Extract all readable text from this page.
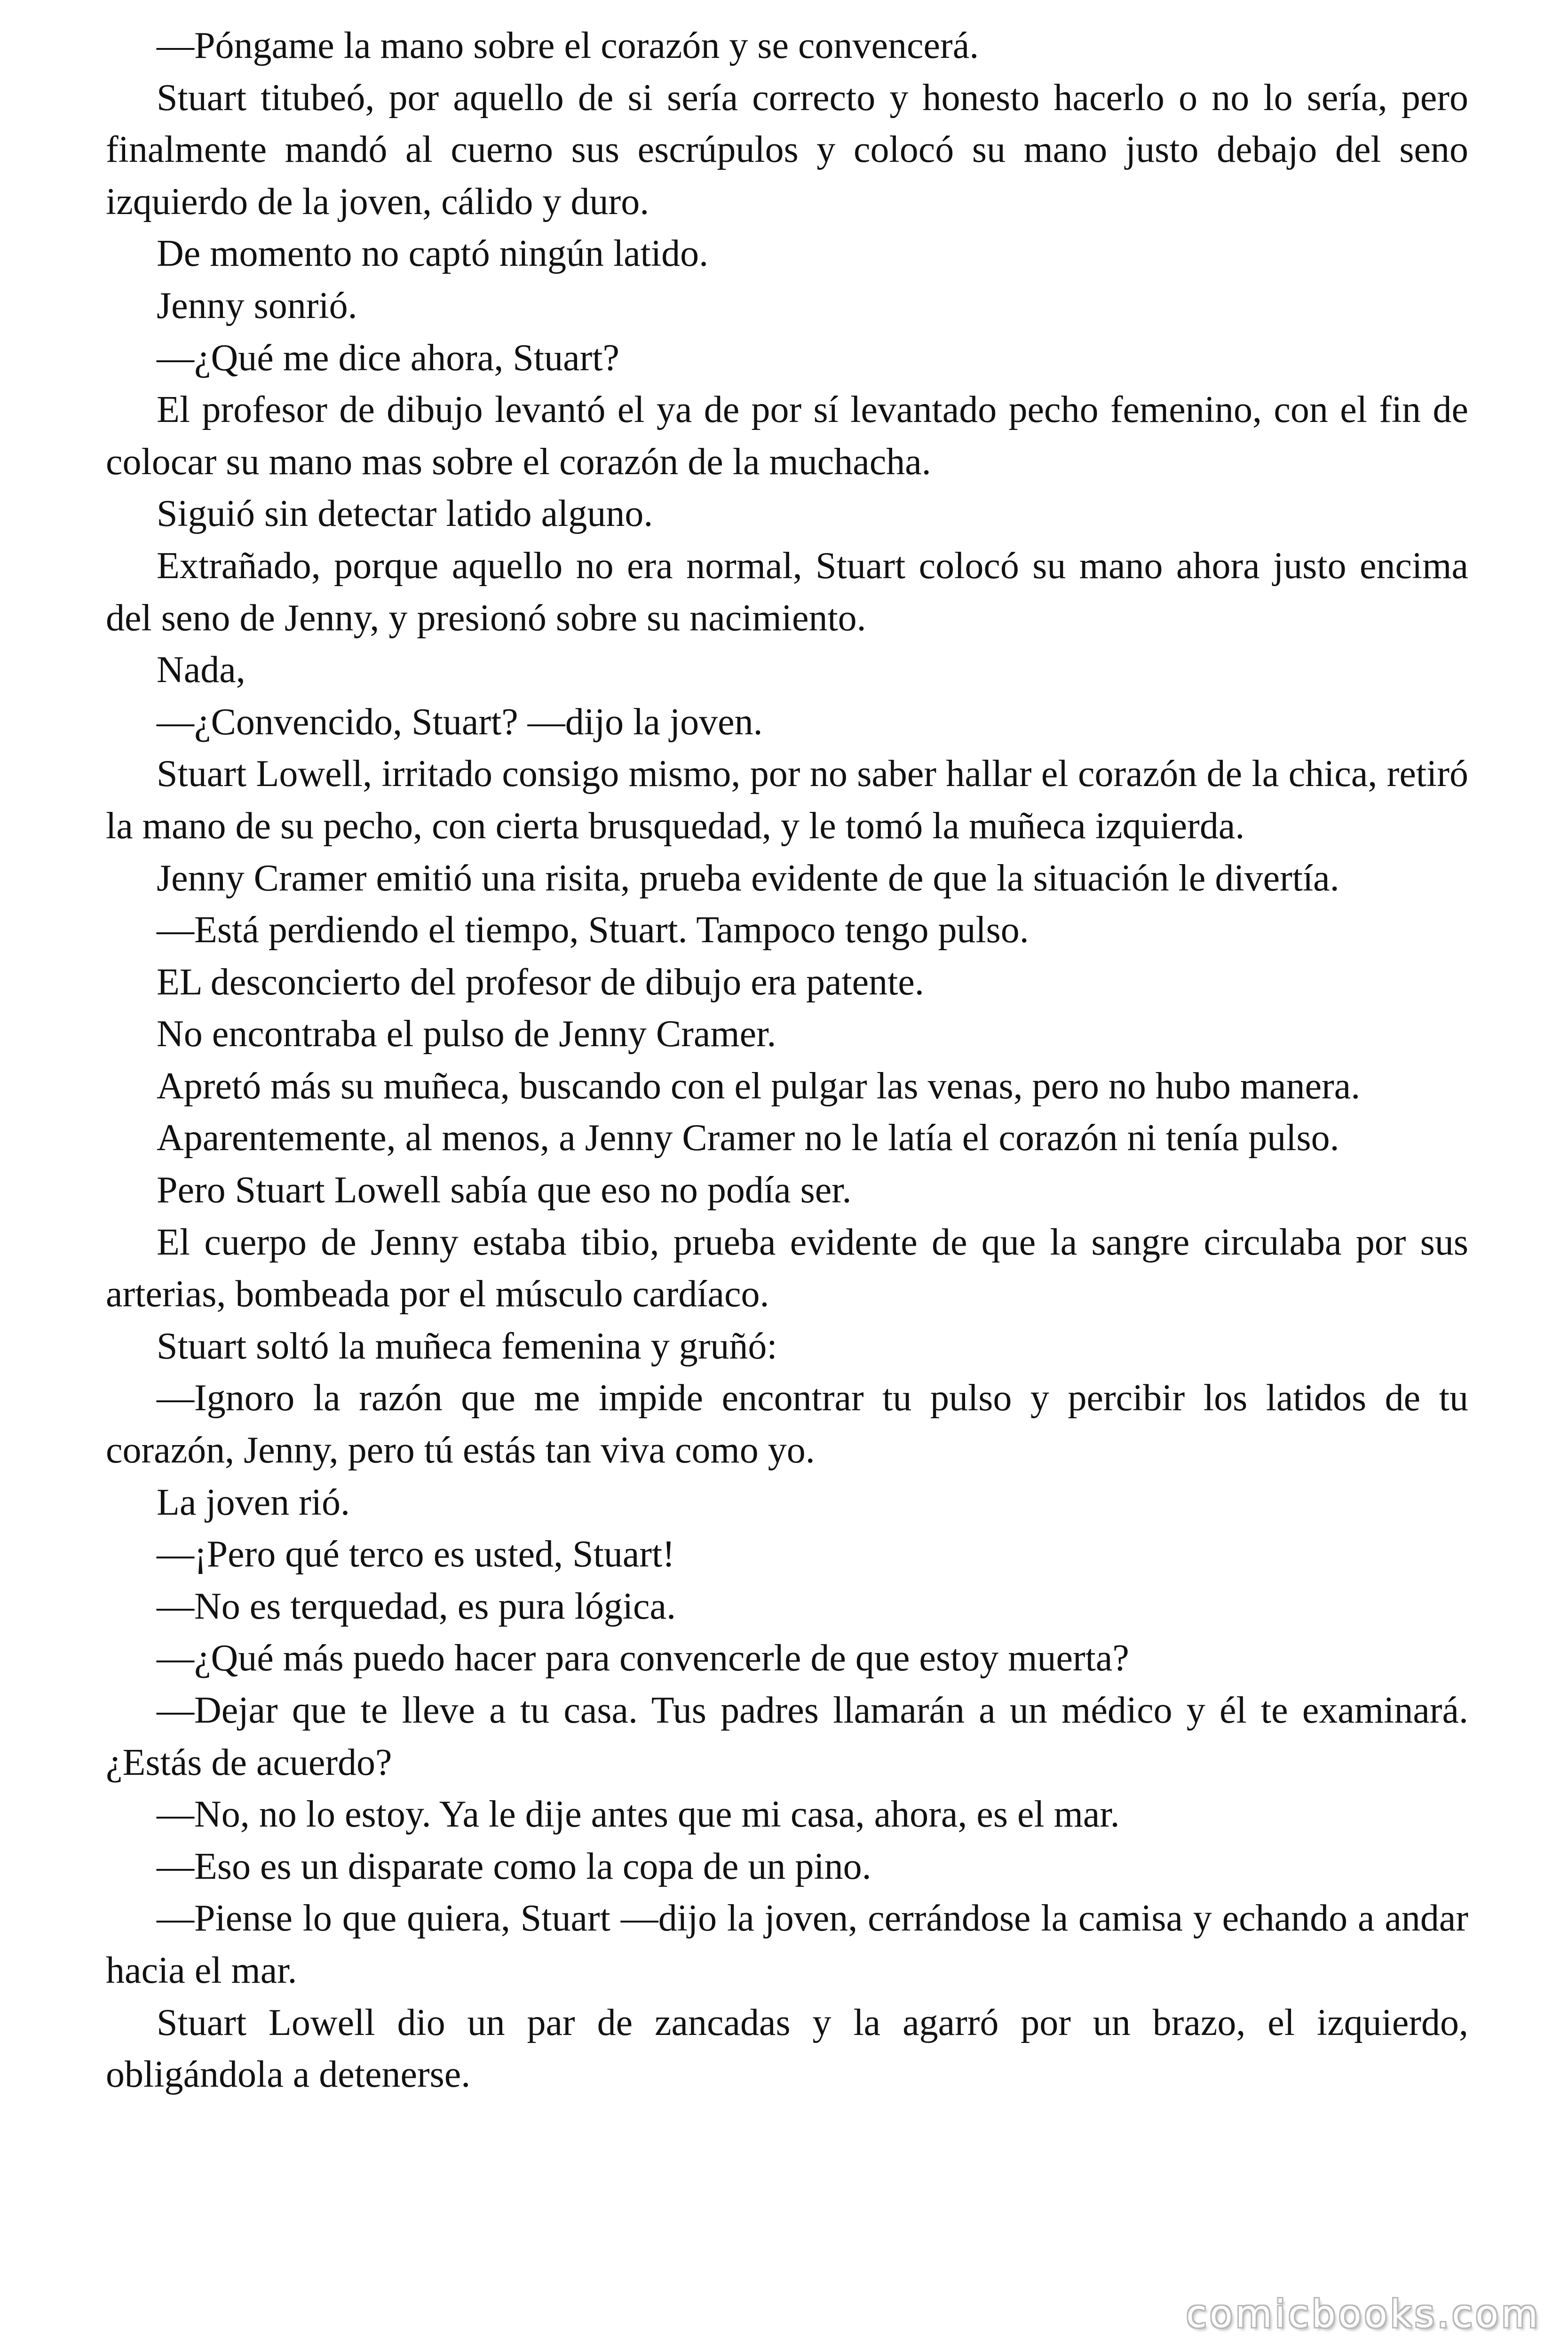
—Póngame la mano sobre el corazón y se convencerá.

Stuart titubeó, por aquello de si sería correcto y honesto hacerlo o no lo sería, pero finalmente mandó al cuerno sus escrúpulos y colocó su mano justo debajo del seno izquierdo de la joven, cálido y duro.

De momento no captó ningún latido.

Jenny sonrió.

—¿Qué me dice ahora, Stuart?

El profesor de dibujo levantó el ya de por sí levantado pecho femenino, con el fin de colocar su mano mas sobre el corazón de la muchacha.

Siguió sin detectar latido alguno.

Extrañado, porque aquello no era normal, Stuart colocó su mano ahora justo encima del seno de Jenny, y presionó sobre su nacimiento.

Nada,

—¿Convencido, Stuart? —dijo la joven.

Stuart Lowell, irritado consigo mismo, por no saber hallar el corazón de la chica, retiró la mano de su pecho, con cierta brusquedad, y le tomó la muñeca izquierda.

Jenny Cramer emitió una risita, prueba evidente de que la situación le divertía.

—Está perdiendo el tiempo, Stuart. Tampoco tengo pulso.

EL desconcierto del profesor de dibujo era patente.

No encontraba el pulso de Jenny Cramer.

Apretó más su muñeca, buscando con el pulgar las venas, pero no hubo manera.

Aparentemente, al menos, a Jenny Cramer no le latía el corazón ni tenía pulso.

Pero Stuart Lowell sabía que eso no podía ser.

El cuerpo de Jenny estaba tibio, prueba evidente de que la sangre circulaba por sus arterias, bombeada por el músculo cardíaco.

Stuart soltó la muñeca femenina y gruñó:

—Ignoro la razón que me impide encontrar tu pulso y percibir los latidos de tu corazón, Jenny, pero tú estás tan viva como yo.

La joven rió.

—¡Pero qué terco es usted, Stuart!

—No es terquedad, es pura lógica.

—¿Qué más puedo hacer para convencerle de que estoy muerta?

—Dejar que te lleve a tu casa. Tus padres llamarán a un médico y él te examinará. ¿Estás de acuerdo?

—No, no lo estoy. Ya le dije antes que mi casa, ahora, es el mar.

—Eso es un disparate como la copa de un pino.

—Piense lo que quiera, Stuart —dijo la joven, cerrándose la camisa y echando a andar hacia el mar.

Stuart Lowell dio un par de zancadas y la agarró por un brazo, el izquierdo, obligándola a detenerse.

comicbooks.com
